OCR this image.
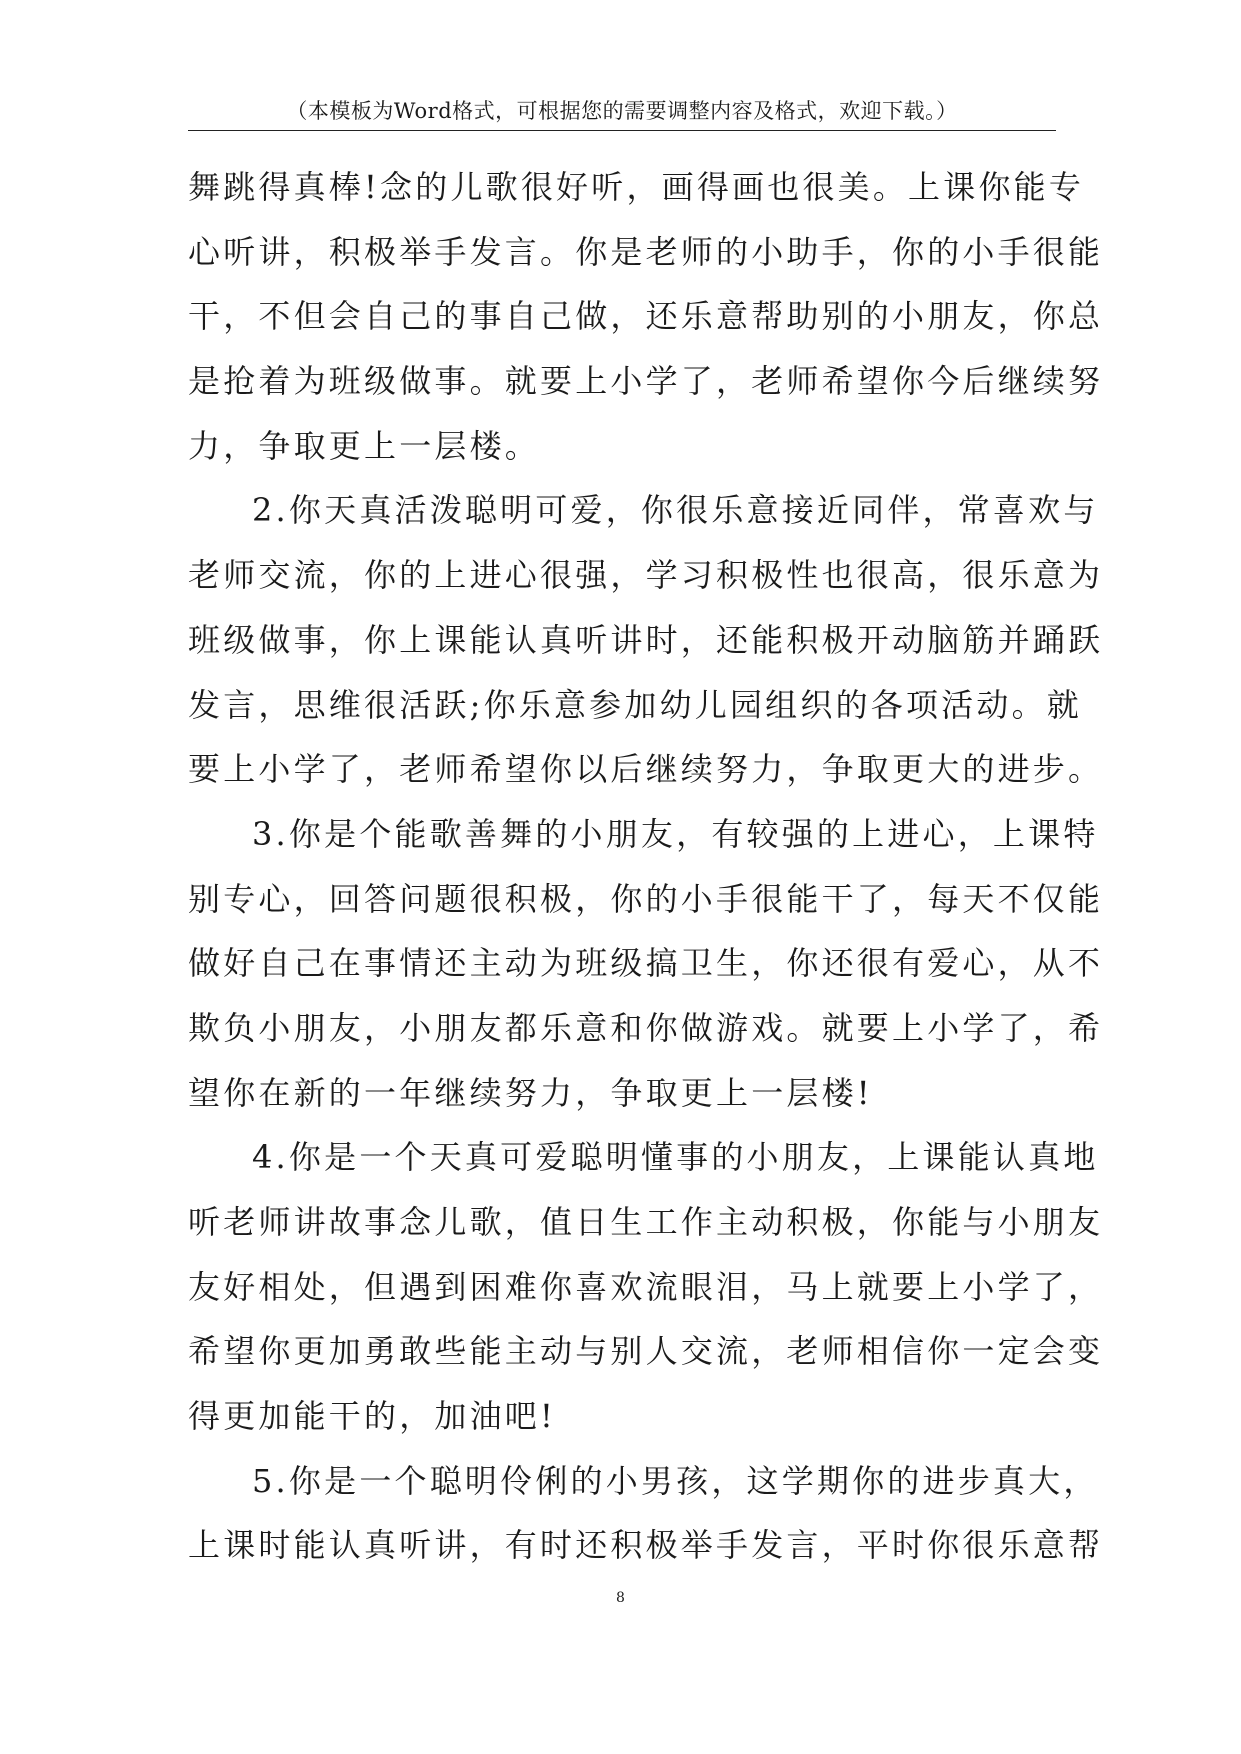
（本模板为Word格式，可根据您的需要调整内容及格式，欢迎下载。）
舞跳得真棒!念的儿歌很好听，画得画也很美。上课你能专
心听讲，积极举手发言。你是老师的小助手，你的小手很能
干，不但会自己的事自己做，还乐意帮助别的小朋友，你总
是抢着为班级做事。就要上小学了，老师希望你今后继续努
力，争取更上一层楼。
2.你天真活泼聪明可爱，你很乐意接近同伴，常喜欢与
老师交流，你的上进心很强，学习积极性也很高，很乐意为
班级做事，你上课能认真听讲时，还能积极开动脑筋并踊跃
发言，思维很活跃;你乐意参加幼儿园组织的各项活动。就
要上小学了，老师希望你以后继续努力，争取更大的进步。
3.你是个能歌善舞的小朋友，有较强的上进心，上课特
别专心，回答问题很积极，你的小手很能干了，每天不仅能
做好自己在事情还主动为班级搞卫生，你还很有爱心，从不
欺负小朋友，小朋友都乐意和你做游戏。就要上小学了，希
望你在新的一年继续努力，争取更上一层楼!
4.你是一个天真可爱聪明懂事的小朋友，上课能认真地
听老师讲故事念儿歌，值日生工作主动积极，你能与小朋友
友好相处，但遇到困难你喜欢流眼泪，马上就要上小学了，
希望你更加勇敢些能主动与别人交流，老师相信你一定会变
得更加能干的，加油吧!
5.你是一个聪明伶俐的小男孩，这学期你的进步真大，
上课时能认真听讲，有时还积极举手发言，平时你很乐意帮
8
